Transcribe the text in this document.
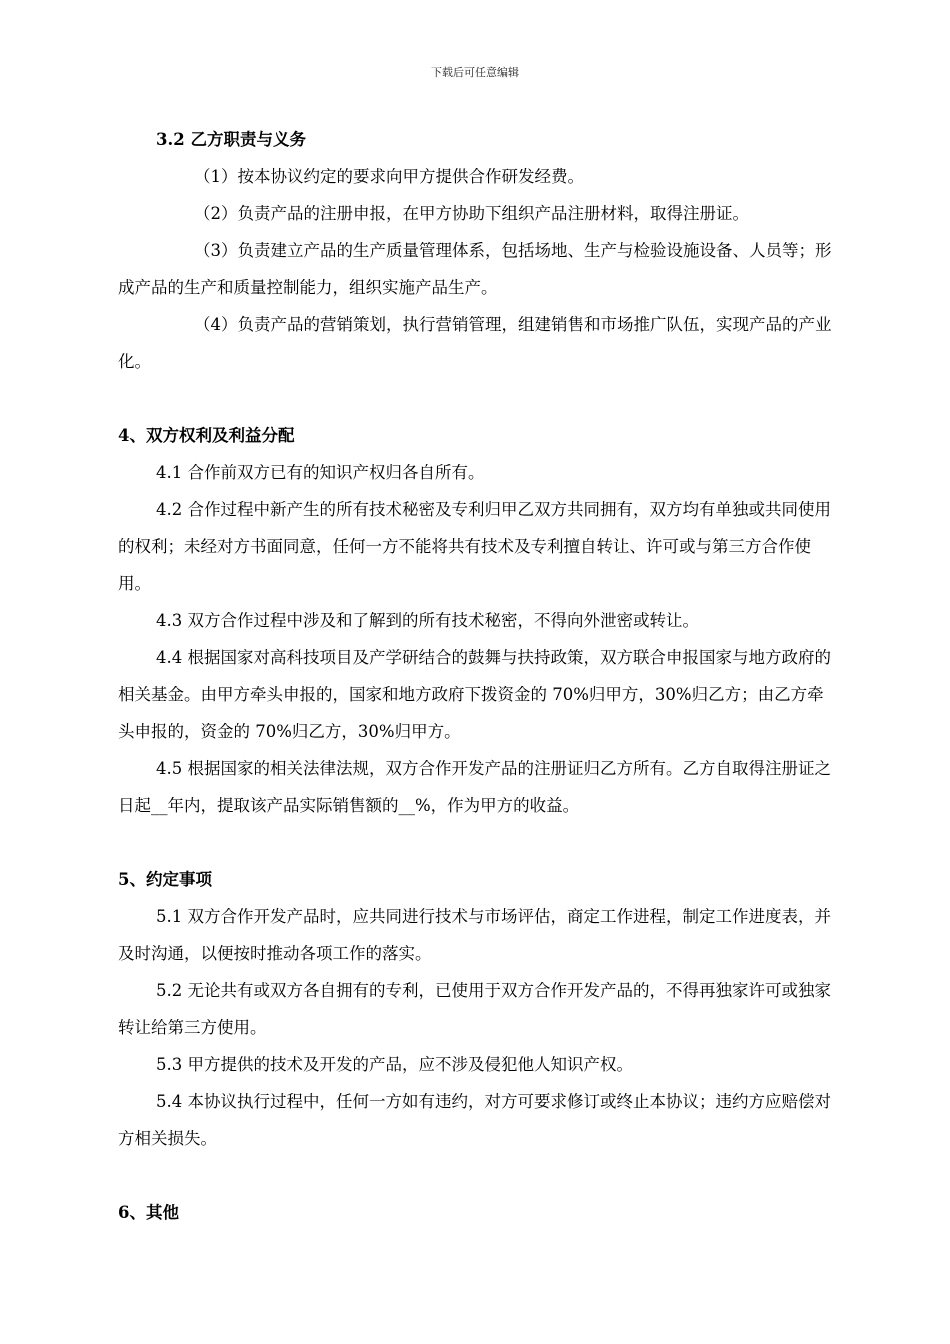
下载后可任意编辑

3.2 乙方职责与义务

（1）按本协议约定的要求向甲方提供合作研发经费。

（2）负责产品的注册申报，在甲方协助下组织产品注册材料，取得注册证。

（3）负责建立产品的生产质量管理体系，包括场地、生产与检验设施设备、人员等；形成产品的生产和质量控制能力，组织实施产品生产。

（4）负责产品的营销策划，执行营销管理，组建销售和市场推广队伍，实现产品的产业化。

4、双方权利及利益分配

4.1 合作前双方已有的知识产权归各自所有。

4.2 合作过程中新产生的所有技术秘密及专利归甲乙双方共同拥有，双方均有单独或共同使用的权利；未经对方书面同意，任何一方不能将共有技术及专利擅自转让、许可或与第三方合作使用。

4.3 双方合作过程中涉及和了解到的所有技术秘密，不得向外泄密或转让。

4.4 根据国家对高科技项目及产学研结合的鼓舞与扶持政策，双方联合申报国家与地方政府的相关基金。由甲方牵头申报的，国家和地方政府下拨资金的 70%归甲方，30%归乙方；由乙方牵头申报的，资金的 70%归乙方，30%归甲方。

4.5 根据国家的相关法律法规，双方合作开发产品的注册证归乙方所有。乙方自取得注册证之日起__年内，提取该产品实际销售额的__%，作为甲方的收益。

5、约定事项

5.1 双方合作开发产品时，应共同进行技术与市场评估，商定工作进程，制定工作进度表，并及时沟通，以便按时推动各项工作的落实。

5.2 无论共有或双方各自拥有的专利，已使用于双方合作开发产品的，不得再独家许可或独家转让给第三方使用。

5.3 甲方提供的技术及开发的产品，应不涉及侵犯他人知识产权。

5.4 本协议执行过程中，任何一方如有违约，对方可要求修订或终止本协议；违约方应赔偿对方相关损失。

6、其他
